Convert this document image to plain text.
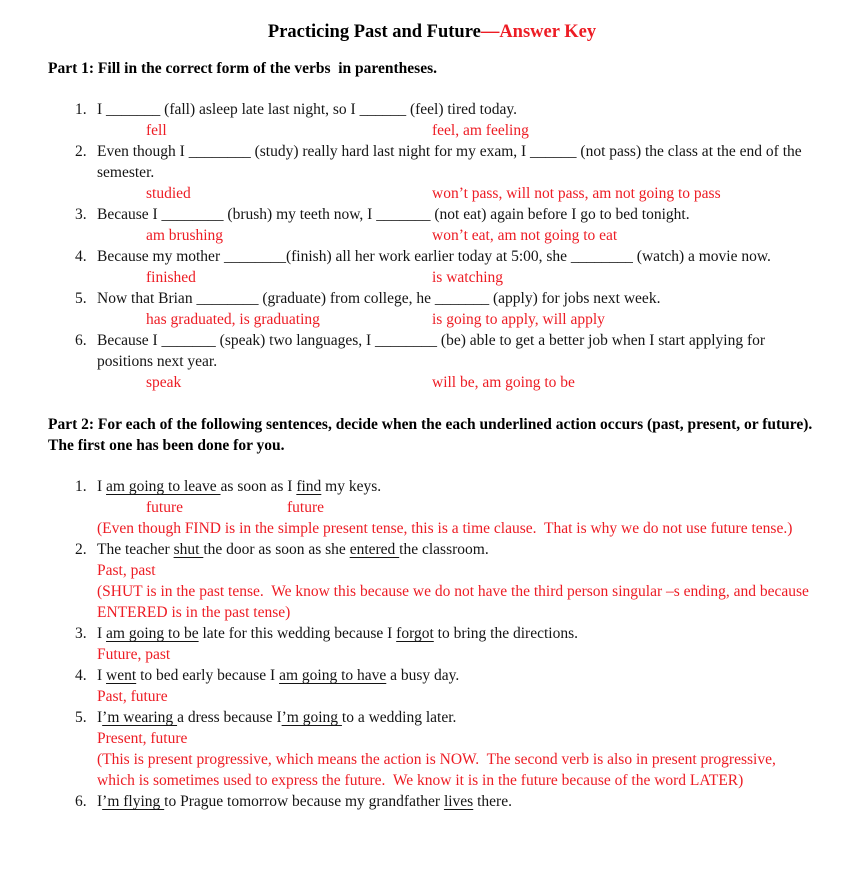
Practicing Past and Future—Answer Key
Part 1: Fill in the correct form of the verbs  in parentheses.
1. I _______ (fall) asleep late last night, so I ______ (feel) tired today.
fell	feel, am feeling
2. Even though I ________ (study) really hard last night for my exam, I ______ (not pass) the class at the end of the semester.
studied	won’t pass, will not pass, am not going to pass
3. Because I ________ (brush) my teeth now, I _______ (not eat) again before I go to bed tonight.
am brushing	won’t eat, am not going to eat
4. Because my mother ________(finish) all her work earlier today at 5:00, she ________ (watch) a movie now.
finished	is watching
5. Now that Brian ________ (graduate) from college, he _______ (apply) for jobs next week.
has graduated, is graduating	is going to apply, will apply
6. Because I _______ (speak) two languages, I ________ (be) able to get a better job when I start applying for positions next year.
speak	will be, am going to be
Part 2: For each of the following sentences, decide when the each underlined action occurs (past, present, or future). The first one has been done for you.
1. I am going to leave as soon as I find my keys.
future	future
(Even though FIND is in the simple present tense, this is a time clause.  That is why we do not use future tense.)
2. The teacher shut the door as soon as she entered the classroom.
Past, past
(SHUT is in the past tense.  We know this because we do not have the third person singular –s ending, and because ENTERED is in the past tense)
3. I am going to be late for this wedding because I forgot to bring the directions.
Future, past
4. I went to bed early because I am going to have a busy day.
Past, future
5. I’m wearing a dress because I’m going to a wedding later.
Present, future
(This is present progressive, which means the action is NOW.  The second verb is also in present progressive, which is sometimes used to express the future.  We know it is in the future because of the word LATER)
6. I’m flying to Prague tomorrow because my grandfather lives there.
